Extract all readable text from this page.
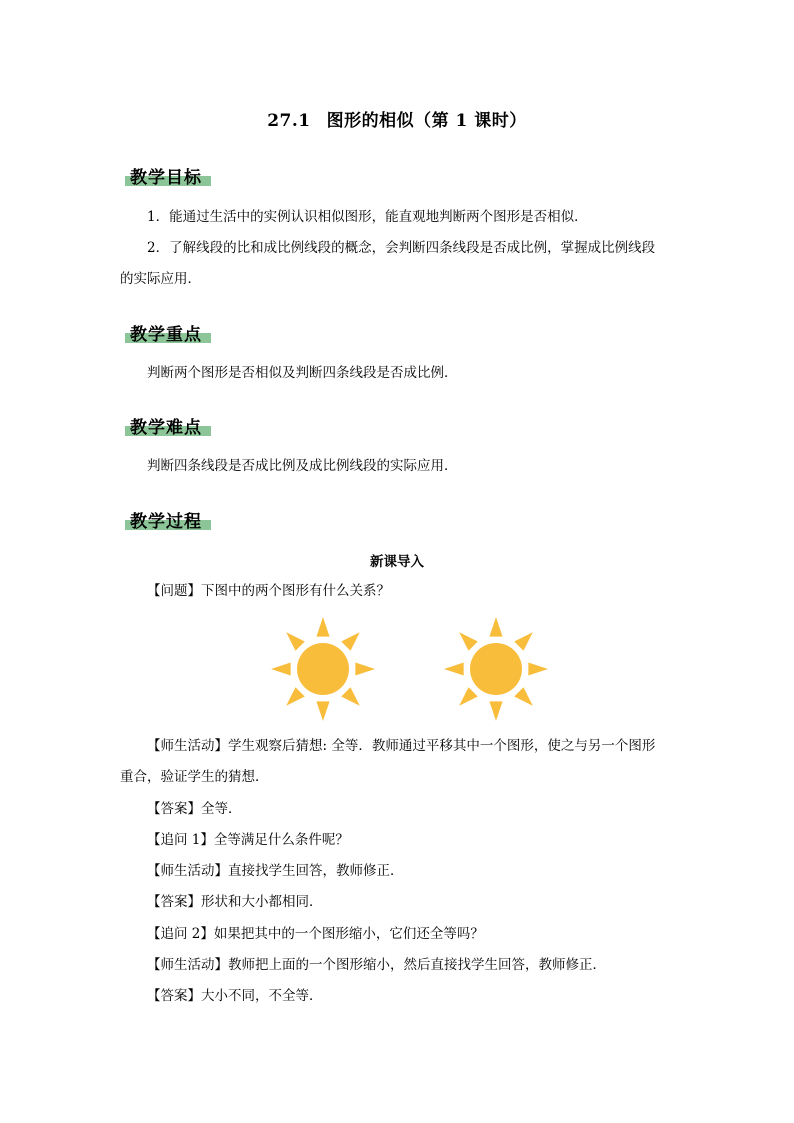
27.1 图形的相似（第 1 课时）
教学目标
1．能通过生活中的实例认识相似图形，能直观地判断两个图形是否相似．
2．了解线段的比和成比例线段的概念，会判断四条线段是否成比例，掌握成比例线段
的实际应用．
教学重点
判断两个图形是否相似及判断四条线段是否成比例．
教学难点
判断四条线段是否成比例及成比例线段的实际应用．
教学过程
新课导入
【问题】下图中的两个图形有什么关系？
【师生活动】学生观察后猜想: 全等．教师通过平移其中一个图形，使之与另一个图形
重合，验证学生的猜想．
【答案】全等．
【追问 1】全等满足什么条件呢？
【师生活动】直接找学生回答，教师修正．
【答案】形状和大小都相同．
【追问 2】如果把其中的一个图形缩小，它们还全等吗？
【师生活动】教师把上面的一个图形缩小，然后直接找学生回答，教师修正．
【答案】大小不同，不全等．
